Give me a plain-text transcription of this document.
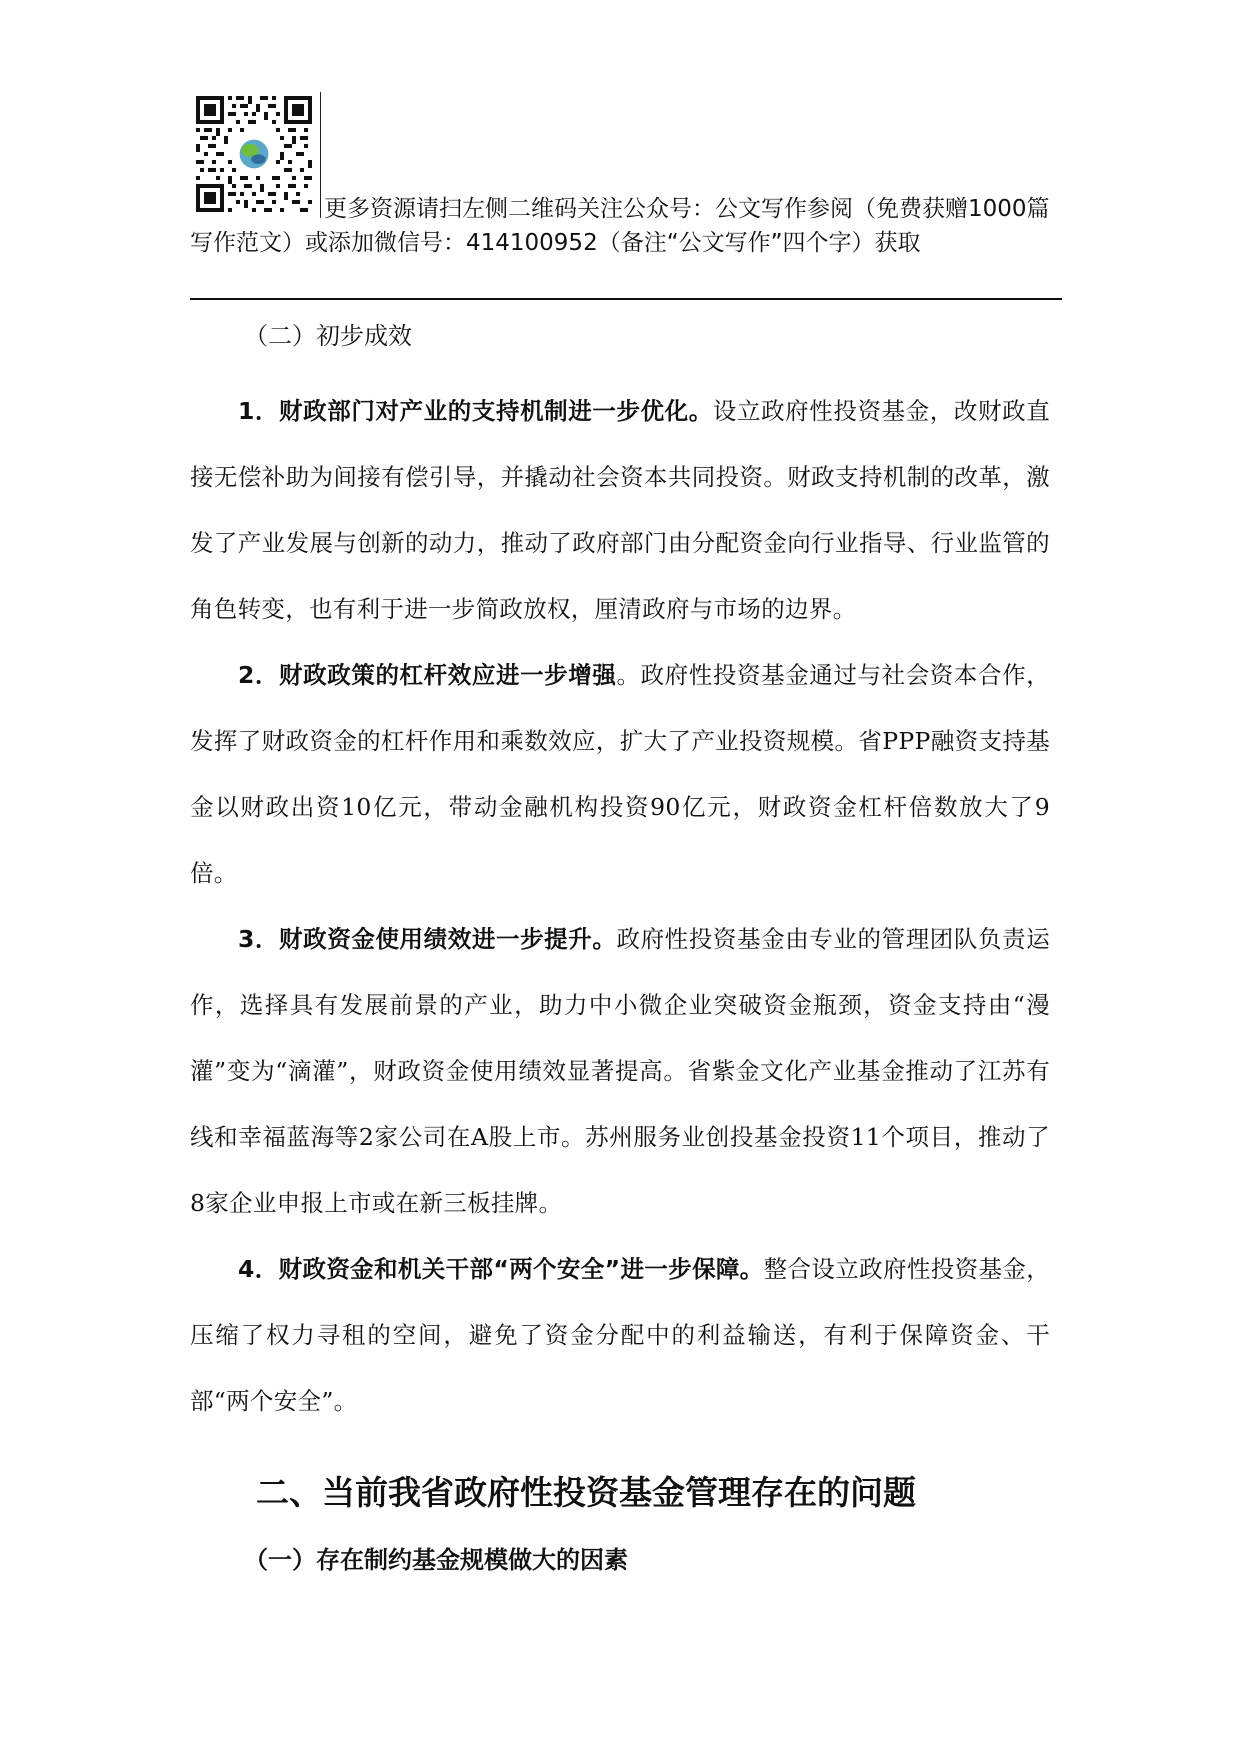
更多资源请扫左侧二维码关注公众号：公文写作参阅（免费获赠1000篇写作范文）或添加微信号：414100952（备注“公文写作”四个字）获取

（二）初步成效

1．财政部门对产业的支持机制进一步优化。设立政府性投资基金，改财政直接无偿补助为间接有偿引导，并撬动社会资本共同投资。财政支持机制的改革，激发了产业发展与创新的动力，推动了政府部门由分配资金向行业指导、行业监管的角色转变，也有利于进一步简政放权，厘清政府与市场的边界。

2．财政政策的杠杆效应进一步增强。政府性投资基金通过与社会资本合作，发挥了财政资金的杠杆作用和乘数效应，扩大了产业投资规模。省PPP融资支持基金以财政出资10亿元，带动金融机构投资90亿元，财政资金杠杆倍数放大了9倍。

3．财政资金使用绩效进一步提升。政府性投资基金由专业的管理团队负责运作，选择具有发展前景的产业，助力中小微企业突破资金瓶颈，资金支持由“漫灌”变为“滴灌”，财政资金使用绩效显著提高。省紫金文化产业基金推动了江苏有线和幸福蓝海等2家公司在A股上市。苏州服务业创投基金投资11个项目，推动了8家企业申报上市或在新三板挂牌。

4．财政资金和机关干部“两个安全”进一步保障。整合设立政府性投资基金，压缩了权力寻租的空间，避免了资金分配中的利益输送，有利于保障资金、干部“两个安全”。

二、当前我省政府性投资基金管理存在的问题

（一）存在制约基金规模做大的因素
